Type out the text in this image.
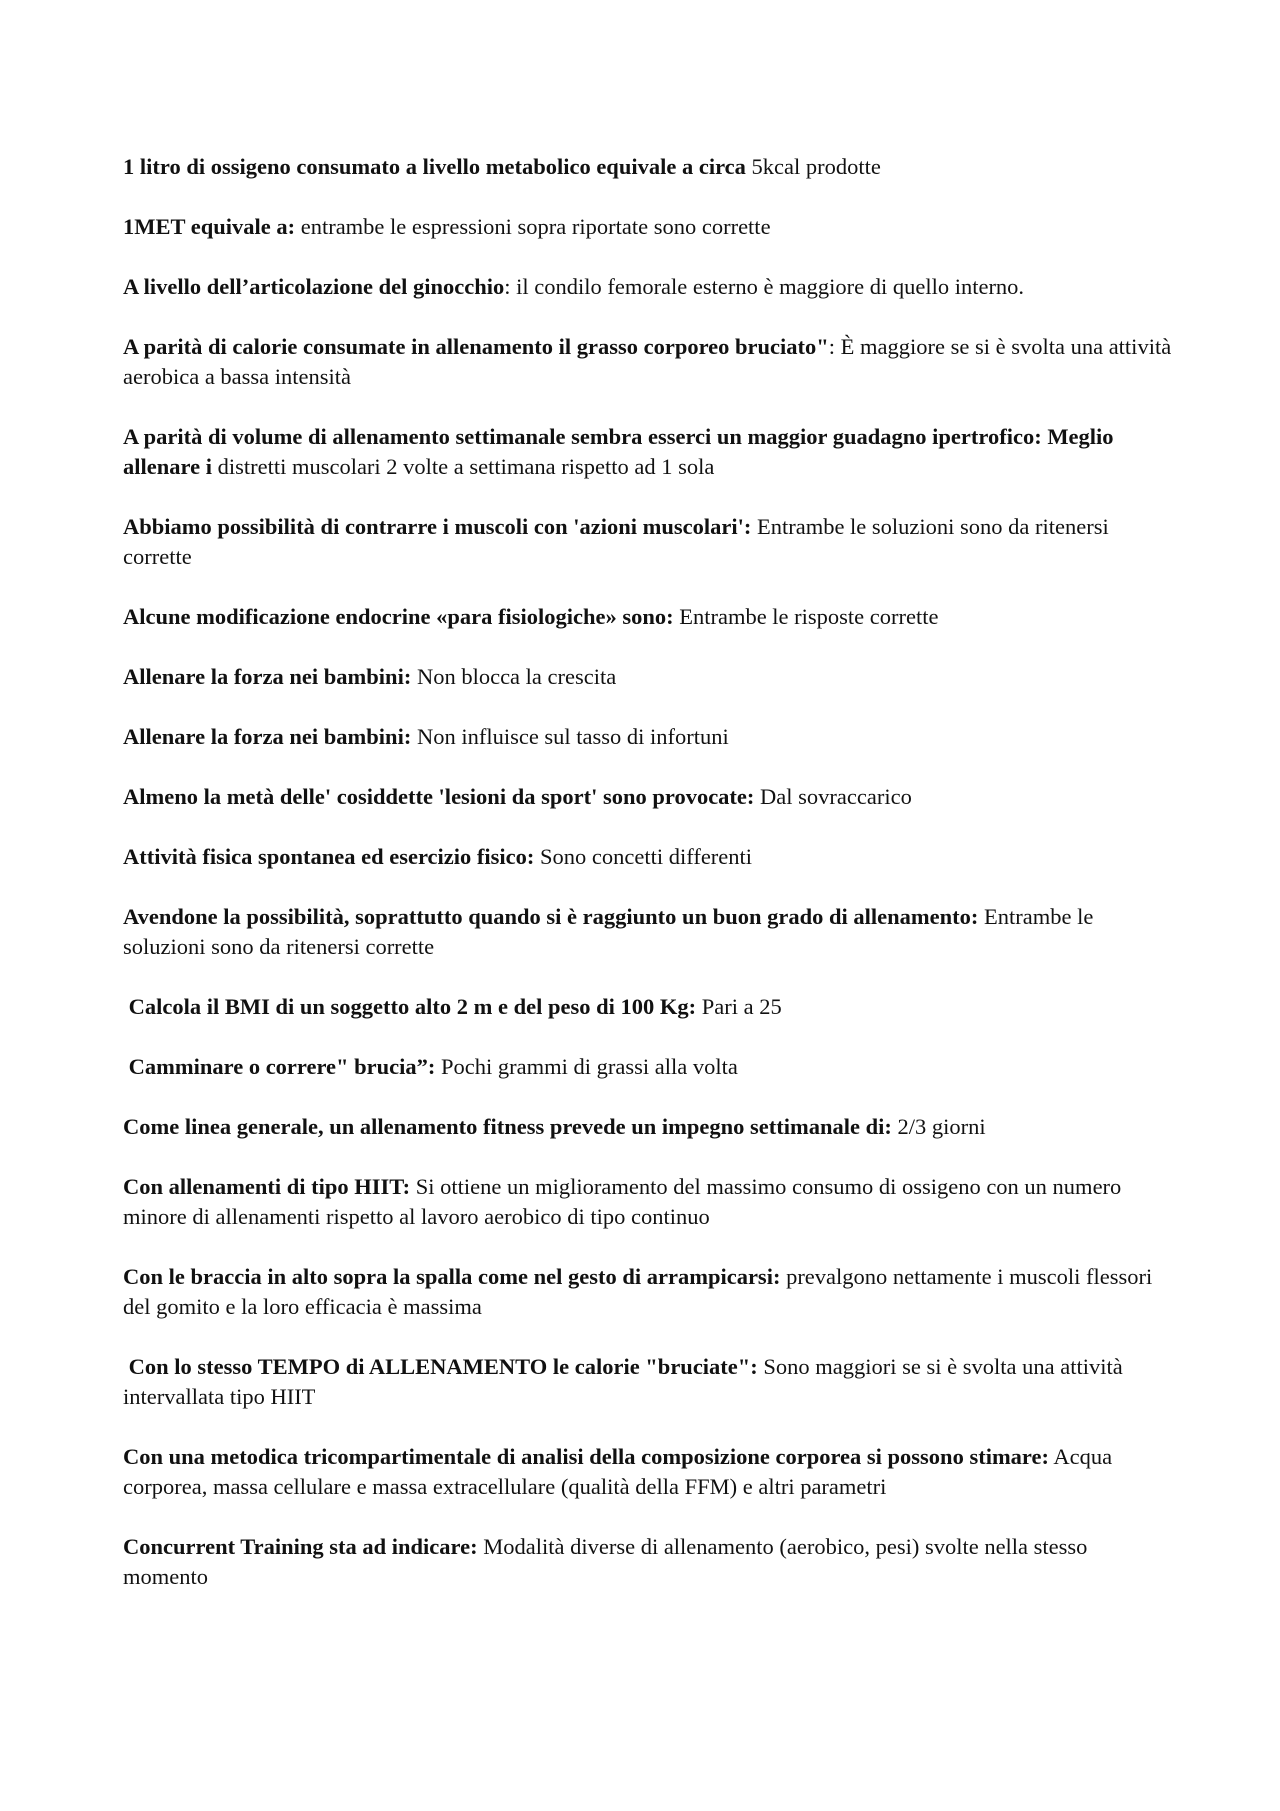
1 litro di ossigeno consumato a livello metabolico equivale a circa 5kcal prodotte

1MET equivale a: entrambe le espressioni sopra riportate sono corrette

A livello dell’articolazione del ginocchio: il condilo femorale esterno è maggiore di quello interno.

A parità di calorie consumate in allenamento il grasso corporeo bruciato": È maggiore se si è svolta una attività aerobica a bassa intensità

A parità di volume di allenamento settimanale sembra esserci un maggior guadagno ipertrofico: Meglio allenare i distretti muscolari 2 volte a settimana rispetto ad 1 sola

Abbiamo possibilità di contrarre i muscoli con 'azioni muscolari': Entrambe le soluzioni sono da ritenersi corrette

Alcune modificazione endocrine «para fisiologiche» sono: Entrambe le risposte corrette

Allenare la forza nei bambini: Non blocca la crescita

Allenare la forza nei bambini: Non influisce sul tasso di infortuni

Almeno la metà delle' cosiddette 'lesioni da sport' sono provocate: Dal sovraccarico

Attività fisica spontanea ed esercizio fisico: Sono concetti differenti

Avendone la possibilità, soprattutto quando si è raggiunto un buon grado di allenamento: Entrambe le soluzioni sono da ritenersi corrette

Calcola il BMI di un soggetto alto 2 m e del peso di 100 Kg: Pari a 25

Camminare o correre" brucia”: Pochi grammi di grassi alla volta

Come linea generale, un allenamento fitness prevede un impegno settimanale di: 2/3 giorni

Con allenamenti di tipo HIIT: Si ottiene un miglioramento del massimo consumo di ossigeno con un numero minore di allenamenti rispetto al lavoro aerobico di tipo continuo

Con le braccia in alto sopra la spalla come nel gesto di arrampicarsi: prevalgono nettamente i muscoli flessori del gomito e la loro efficacia è massima

Con lo stesso TEMPO di ALLENAMENTO le calorie "bruciate": Sono maggiori se si è svolta una attività intervallata tipo HIIT

Con una metodica tricompartimentale di analisi della composizione corporea si possono stimare: Acqua corporea, massa cellulare e massa extracellulare (qualità della FFM) e altri parametri

Concurrent Training sta ad indicare: Modalità diverse di allenamento (aerobico, pesi) svolte nella stesso momento
